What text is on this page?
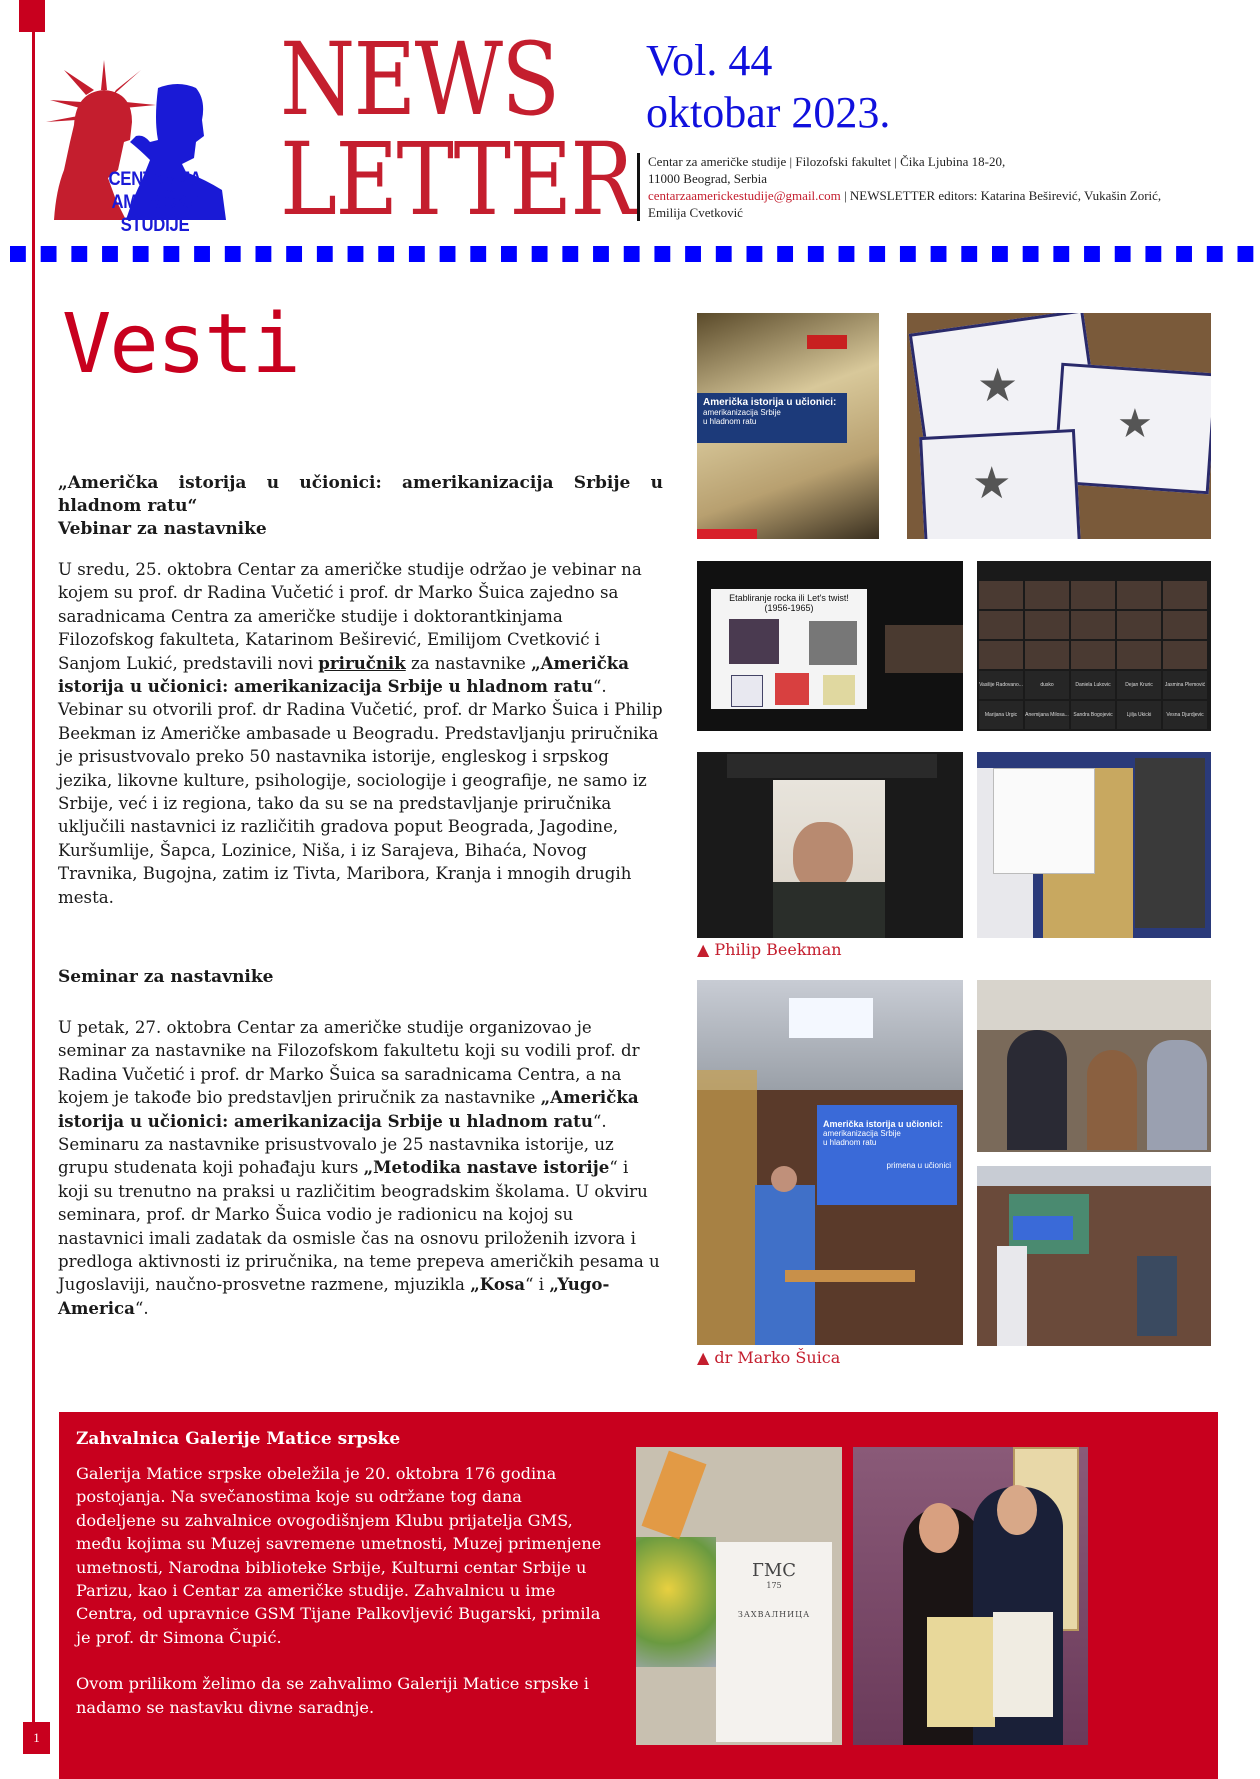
1
CENTAR ZA AMERIČKE
STUDIJE
NEWS
LETTER
Vol. 44
oktobar 2023.
Centar za američke studije | Filozofski fakultet | Čika Ljubina 18-20,
11000 Beograd, Serbia
centarzaamerickestudije@gmail.com | NEWSLETTER editors: Katarina Beširević, Vukašin Zorić,
Emilija Cvetković
Vesti
„Američka istorija u učionici: amerikanizacija Srbije u hladnom ratu“
Vebinar za nastavnike
U sredu, 25. oktobra Centar za američke studije održao je vebinar na kojem su prof. dr Radina Vučetić i prof. dr Marko Šuica zajedno sa saradnicama Centra za američke studije i doktorantkinjama Filozofskog fakulteta, Katarinom Beširević, Emilijom Cvetković i Sanjom Lukić, predstavili novi priručnik za nastavnike „Američka istorija u učionici: amerikanizacija Srbije u hladnom ratu“. Vebinar su otvorili prof. dr Radina Vučetić, prof. dr Marko Šuica i Philip Beekman iz Američke ambasade u Beogradu. Predstavljanju priručnika je prisustvovalo preko 50 nastavnika istorije, engleskog i srpskog jezika, likovne kulture, psihologije, sociologije i geografije, ne samo iz Srbije, već i iz regiona, tako da su se na predstavljanje priručnika uključili nastavnici iz različitih gradova poput Beograda, Jagodine, Kuršumlije, Šapca, Lozinice, Niša, i iz Sarajeva, Bihaća, Novog Travnika, Bugojna, zatim iz Tivta, Maribora, Kranja i mnogih drugih mesta.
Seminar za nastavnike
U petak, 27. oktobra Centar za američke studije organizovao je seminar za nastavnike na Filozofskom fakultetu koji su vodili prof. dr Radina Vučetić i prof. dr Marko Šuica sa saradnicama Centra, a na kojem je takođe bio predstavljen priručnik za nastavnike „Američka istorija u učionici: amerikanizacija Srbije u hladnom ratu“. Seminaru za nastavnike prisustvovalo je 25 nastavnika istorije, uz grupu studenata koji pohađaju kurs „Metodika nastave istorije“ i koji su trenutno na praksi u različitim beogradskim školama. U okviru seminara, prof. dr Marko Šuica vodio je radionicu na kojoj su nastavnici imali zadatak da osmisle čas na osnovu priloženih izvora i predloga aktivnosti iz priručnika, na teme prepeva američkih pesama u Jugoslaviji, naučno-prosvetne razmene, mjuzikla „Kosa“ i „Yugo-America“.
Američka istorija u učionici:
amerikanizacija Srbije
u hladnom ratu
★
★
★
Etabliranje rocka ili Let's twist!
(1956-1965)
Vasilije Radovano...	dusko	Danielа Lukovic	Dejan Kruric	Jasmina Plemović
Marijana Urgic	Anemijana Milosa... Sandra Bogojevic	Ljilja Ukicki	Vesna Djurdjevic
▲ Philip Beekman
Američka istorija u učionici:
amerikanizacija Srbije
u hladnom ratu
primena u učionici
▲ dr Marko Šuica
Zahvalnica Galerije Matice srpske

Galerija Matice srpske obeležila je 20. oktobra 176 godina postojanja. Na svečanostima koje su održane tog dana dodeljene su zahvalnice ovogodišnjem Klubu prijatelja GMS, među kojima su Muzej savremene umetnosti, Muzej primenjene umetnosti, Narodna biblioteke Srbije, Kulturni centar Srbije u Parizu, kao i Centar za američke studije. Zahvalnicu u ime Centra, od upravnice GSM Tijane Palkovljević Bugarski, primila je prof. dr Simona Čupić.

Ovom prilikom želimo da se zahvalimo Galeriji Matice srpske i nadamo se nastavku divne saradnje.

ГМС
175
ЗАХВАЛНИЦА
